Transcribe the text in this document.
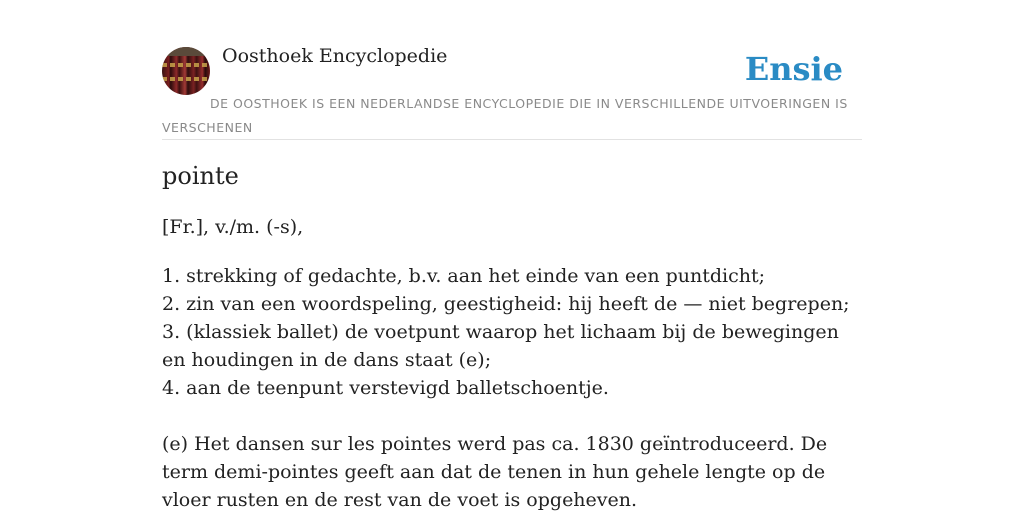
Oosthoek Encyclopedie	Ensie
DE OOSTHOEK IS EEN NEDERLANDSE ENCYCLOPEDIE DIE IN VERSCHILLENDE UITVOERINGEN IS VERSCHENEN
pointe
[Fr.], v./m. (-s),
1. strekking of gedachte, b.v. aan het einde van een puntdicht;
2. zin van een woordspeling, geestigheid: hij heeft de — niet begrepen;
3. (klassiek ballet) de voetpunt waarop het lichaam bij de bewegingen en houdingen in de dans staat (e);
4. aan de teenpunt verstevigd balletschoentje.
(e) Het dansen sur les pointes werd pas ca. 1830 geïntroduceerd. De term demi-pointes geeft aan dat de tenen in hun gehele lengte op de vloer rusten en de rest van de voet is opgeheven.
